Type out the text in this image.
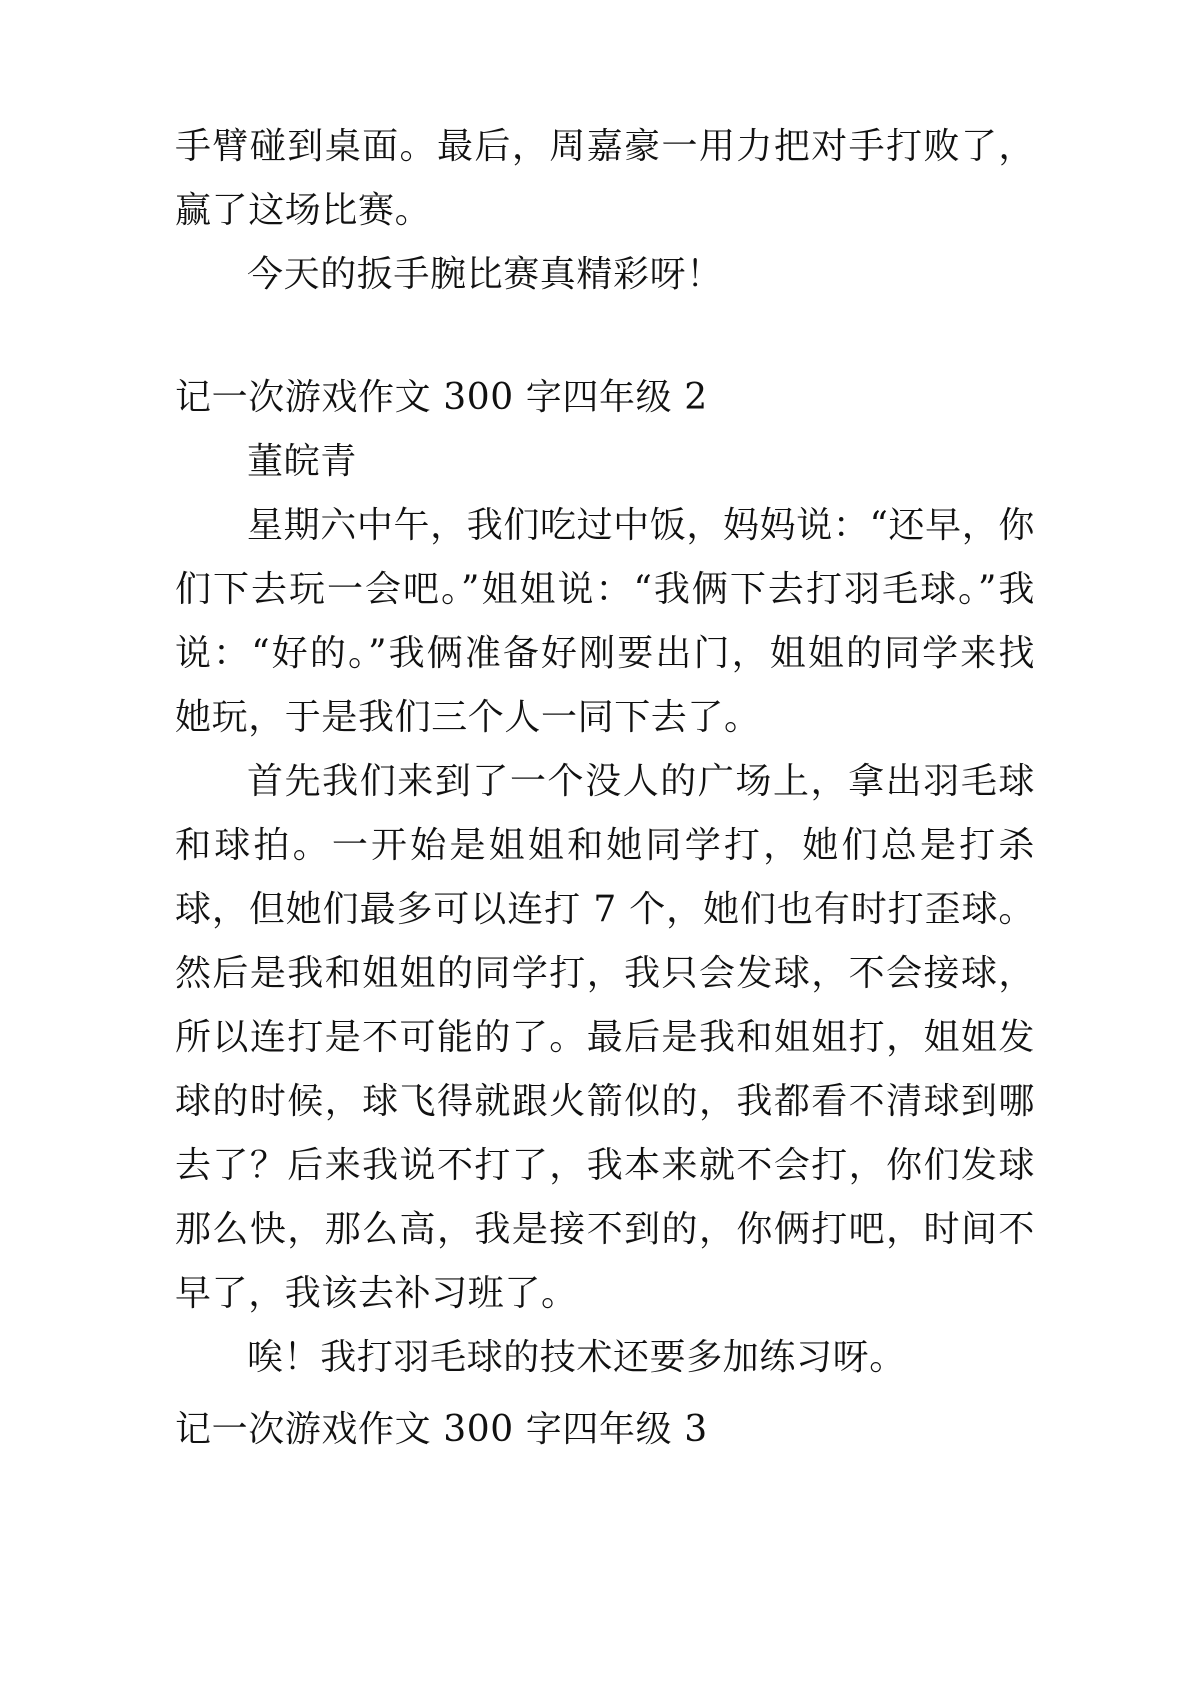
手臂碰到桌面。最后，周嘉豪一用力把对手打败了，赢了这场比赛。

今天的扳手腕比赛真精彩呀！

记一次游戏作文 300 字四年级 2

董皖青

星期六中午，我们吃过中饭，妈妈说：“还早，你们下去玩一会吧。”姐姐说：“我俩下去打羽毛球。”我说：“好的。”我俩准备好刚要出门，姐姐的同学来找她玩，于是我们三个人一同下去了。

首先我们来到了一个没人的广场上，拿出羽毛球和球拍。一开始是姐姐和她同学打，她们总是打杀球，但她们最多可以连打 7 个，她们也有时打歪球。然后是我和姐姐的同学打，我只会发球，不会接球，所以连打是不可能的了。最后是我和姐姐打，姐姐发球的时候，球飞得就跟火箭似的，我都看不清球到哪去了？后来我说不打了，我本来就不会打，你们发球那么快，那么高，我是接不到的，你俩打吧，时间不早了，我该去补习班了。

唉！我打羽毛球的技术还要多加练习呀。

记一次游戏作文 300 字四年级 3
